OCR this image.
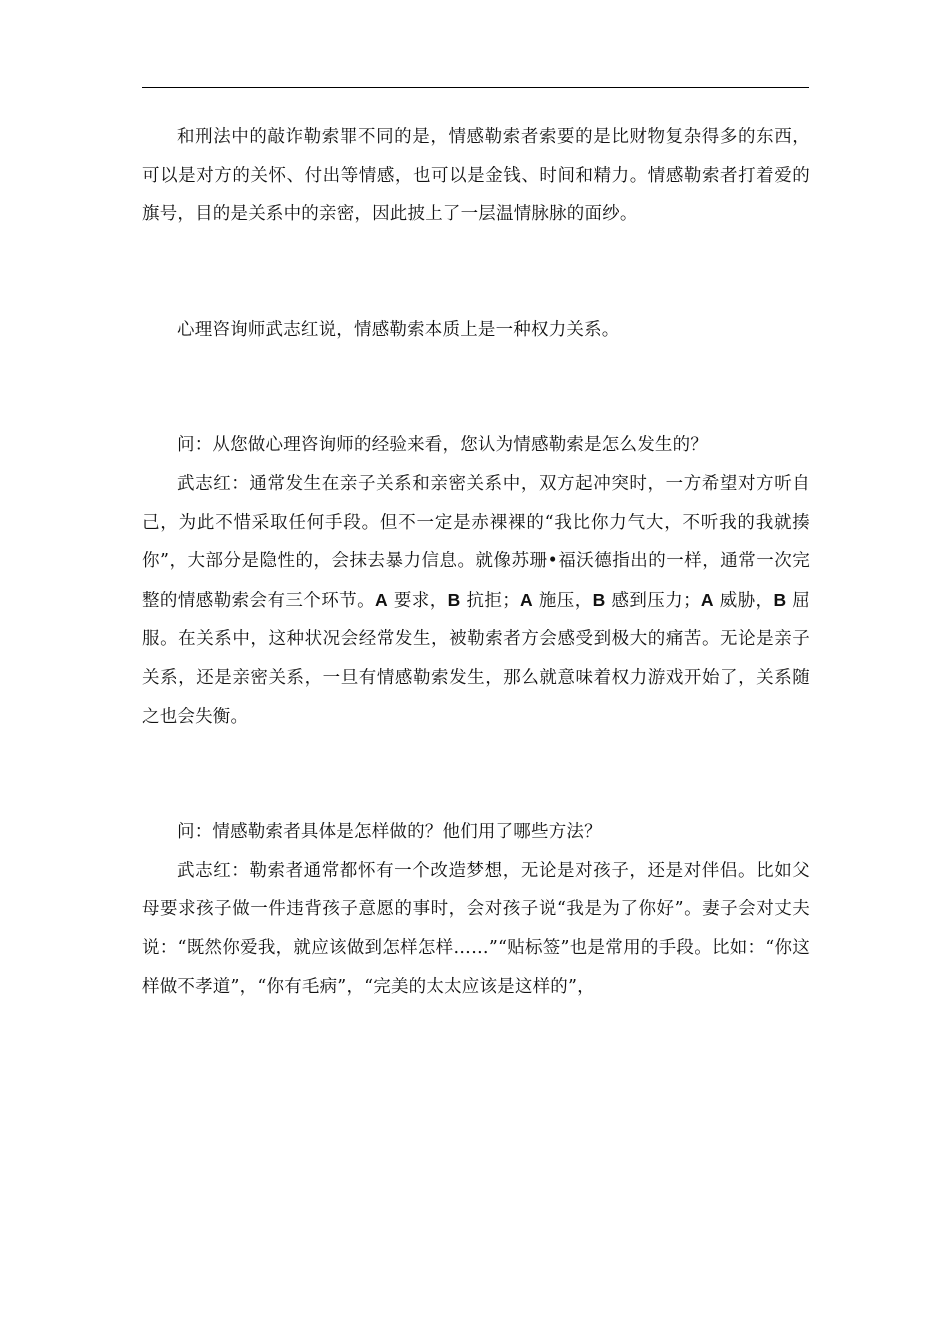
和刑法中的敲诈勒索罪不同的是，情感勒索者索要的是比财物复杂得多的东西，可以是对方的关怀、付出等情感，也可以是金钱、时间和精力。情感勒索者打着爱的旗号，目的是关系中的亲密，因此披上了一层温情脉脉的面纱。

心理咨询师武志红说，情感勒索本质上是一种权力关系。

问：从您做心理咨询师的经验来看，您认为情感勒索是怎么发生的？

武志红：通常发生在亲子关系和亲密关系中，双方起冲突时，一方希望对方听自己，为此不惜采取任何手段。但不一定是赤裸裸的“我比你力气大，不听我的我就揍你”，大部分是隐性的，会抹去暴力信息。就像苏珊•福沃德指出的一样，通常一次完整的情感勒索会有三个环节。A 要求，B 抗拒；A 施压，B 感到压力；A 威胁，B 屈服。在关系中，这种状况会经常发生，被勒索者方会感受到极大的痛苦。无论是亲子关系，还是亲密关系，一旦有情感勒索发生，那么就意味着权力游戏开始了，关系随之也会失衡。

问：情感勒索者具体是怎样做的？他们用了哪些方法？

武志红：勒索者通常都怀有一个改造梦想，无论是对孩子，还是对伴侣。比如父母要求孩子做一件违背孩子意愿的事时，会对孩子说“我是为了你好”。妻子会对丈夫说：“既然你爱我，就应该做到怎样怎样……”“贴标签”也是常用的手段。比如：“你这样做不孝道”，“你有毛病”，“完美的太太应该是这样的”，
